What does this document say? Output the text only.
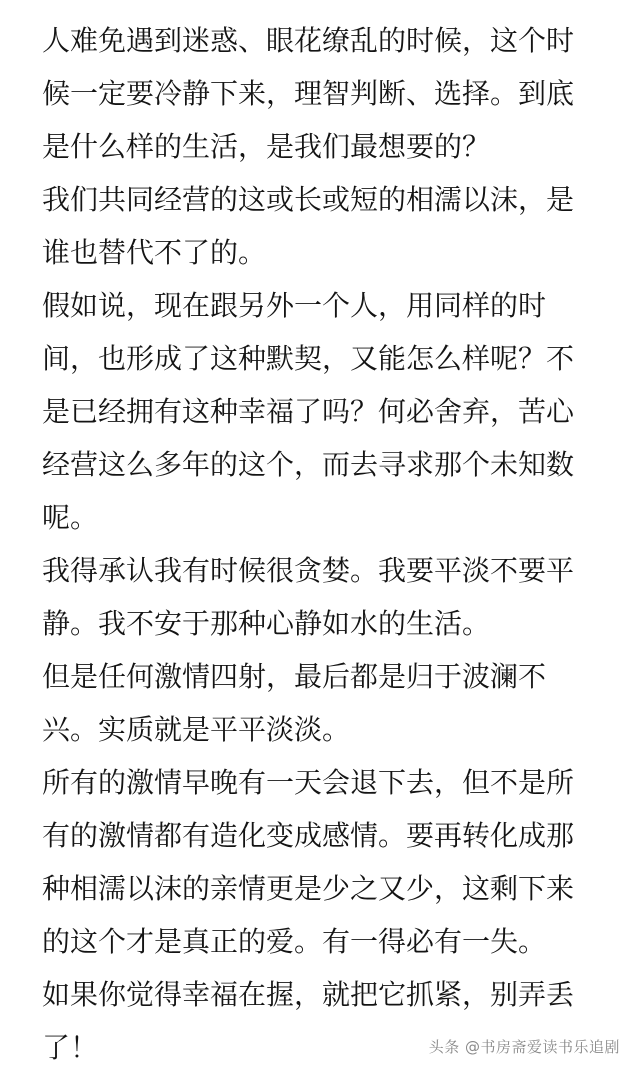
人难免遇到迷惑、眼花缭乱的时候，这个时
候一定要冷静下来，理智判断、选择。到底
是什么样的生活，是我们最想要的？

我们共同经营的这或长或短的相濡以沫，是
谁也替代不了的。

假如说，现在跟另外一个人，用同样的时
间，也形成了这种默契，又能怎么样呢？不
是已经拥有这种幸福了吗？何必舍弃，苦心
经营这么多年的这个，而去寻求那个未知数
呢。

我得承认我有时候很贪婪。我要平淡不要平
静。我不安于那种心静如水的生活。

但是任何激情四射，最后都是归于波澜不
兴。实质就是平平淡淡。

所有的激情早晚有一天会退下去，但不是所
有的激情都有造化变成感情。要再转化成那
种相濡以沫的亲情更是少之又少，这剩下来
的这个才是真正的爱。有一得必有一失。

如果你觉得幸福在握，就把它抓紧，别弄丢
了！	头条 @书房斋爱读书乐追剧
